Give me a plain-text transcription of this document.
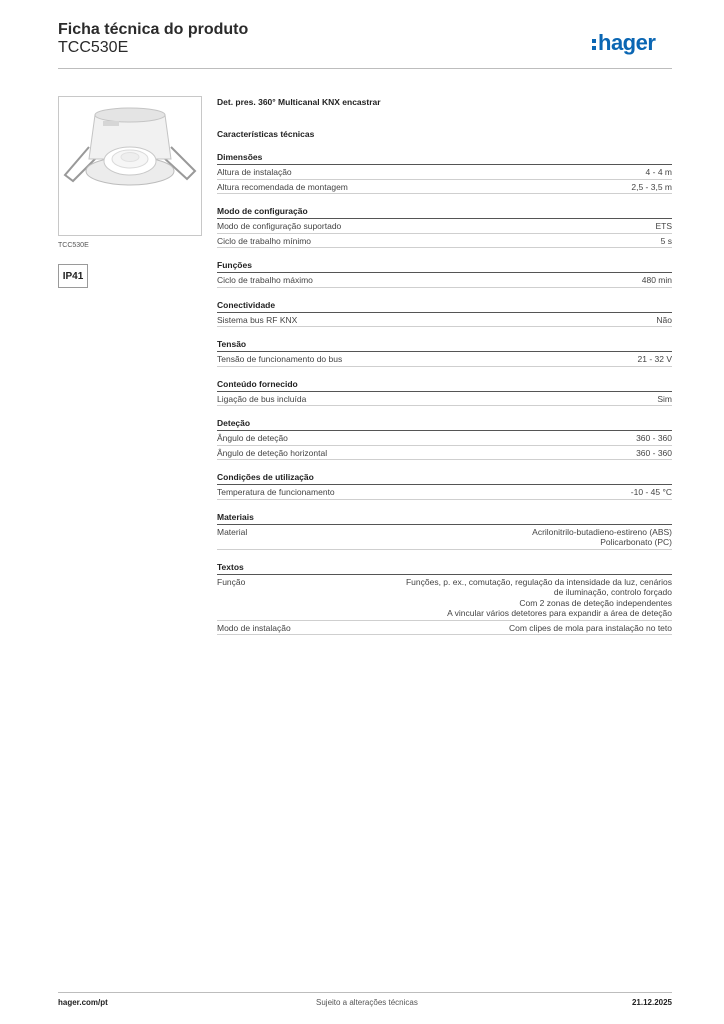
Ficha técnica do produto
TCC530E	hager
TCC530E
IP41
Det. pres. 360° Multicanal KNX encastrar
Características técnicas
Dimensões
Altura de instalação	4 - 4 m
Altura recomendada de montagem	2,5 - 3,5 m
Modo de configuração
Modo de configuração suportado	ETS
Ciclo de trabalho mínimo	5 s
Funções
Ciclo de trabalho máximo	480 min
Conectividade
Sistema bus RF KNX	Não
Tensão
Tensão de funcionamento do bus	21 - 32 V
Conteúdo fornecido
Ligação de bus incluída	Sim
Deteção
Ângulo de deteção	360 - 360
Ângulo de deteção horizontal	360 - 360
Condições de utilização
Temperatura de funcionamento	-10 - 45 °C
Materiais
Material	Acrilonitrilo-butadieno-estireno (ABS)
Policarbonato (PC)
Textos
Função	Funções, p. ex., comutação, regulação da intensidade da luz, cenários
de iluminação, controlo forçado
Com 2 zonas de deteção independentes
A vincular vários detetores para expandir a área de deteção
Modo de instalação	Com clipes de mola para instalação no teto
hager.com/pt	Sujeito a alterações técnicas	21.12.2025
